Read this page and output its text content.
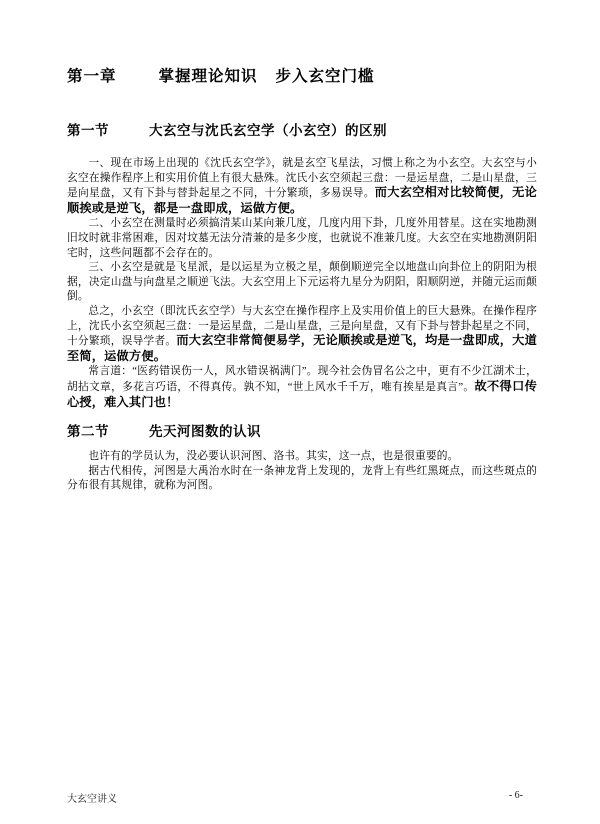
第一章	掌握理论知识 步入玄空门槛
第一节	大玄空与沈氏玄空学（小玄空）的区别

一、现在市场上出现的《沈氏玄空学》，就是玄空飞星法，习惯上称之为小玄空。大玄空与小玄空在操作程序上和实用价值上有很大悬殊。沈氏小玄空须起三盘：一是运星盘，二是山星盘，三是向星盘，又有下卦与替卦起星之不同，十分繁琐，多易误导。而大玄空相对比较简便，无论顺挨或是逆飞，都是一盘即成，运做方便。

二、小玄空在测量时必须搞清某山某向兼几度，几度内用下卦，几度外用替星。这在实地勘测旧坟时就非常困难，因对坟墓无法分清兼的是多少度，也就说不准兼几度。大玄空在实地勘测阴阳宅时，这些问题都不会存在的。

三、小玄空是就是飞星派，是以运星为立极之星，颠倒顺逆完全以地盘山向卦位上的阴阳为根据，决定山盘与向盘星之顺逆飞法。大玄空用上下元运将九星分为阴阳，阳顺阴逆，并随元运而颠倒。

总之，小玄空（即沈氏玄空学）与大玄空在操作程序上及实用价值上的巨大悬殊。在操作程序上，沈氏小玄空须起三盘：一是运星盘，二是山星盘，三是向星盘，又有下卦与替卦起星之不同，十分繁琐，误导学者。而大玄空非常简便易学，无论顺挨或是逆飞，均是一盘即成，大道至简，运做方便。

常言道：“医药错误伤一人，风水错误祸满门”。现今社会伪冒名公之中，更有不少江湖术士，胡拈文章，多花言巧语，不得真传。孰不知，“世上风水千千万，唯有挨星是真言”。故不得口传心授，难入其门也！

第二节	先天河图数的认识

也许有的学员认为，没必要认识河图、洛书。其实，这一点，也是很重要的。

据古代相传，河图是大禹治水时在一条神龙背上发现的，龙背上有些红黑斑点，而这些斑点的分布很有其规律，就称为河图。

大玄空讲义	- 6-
